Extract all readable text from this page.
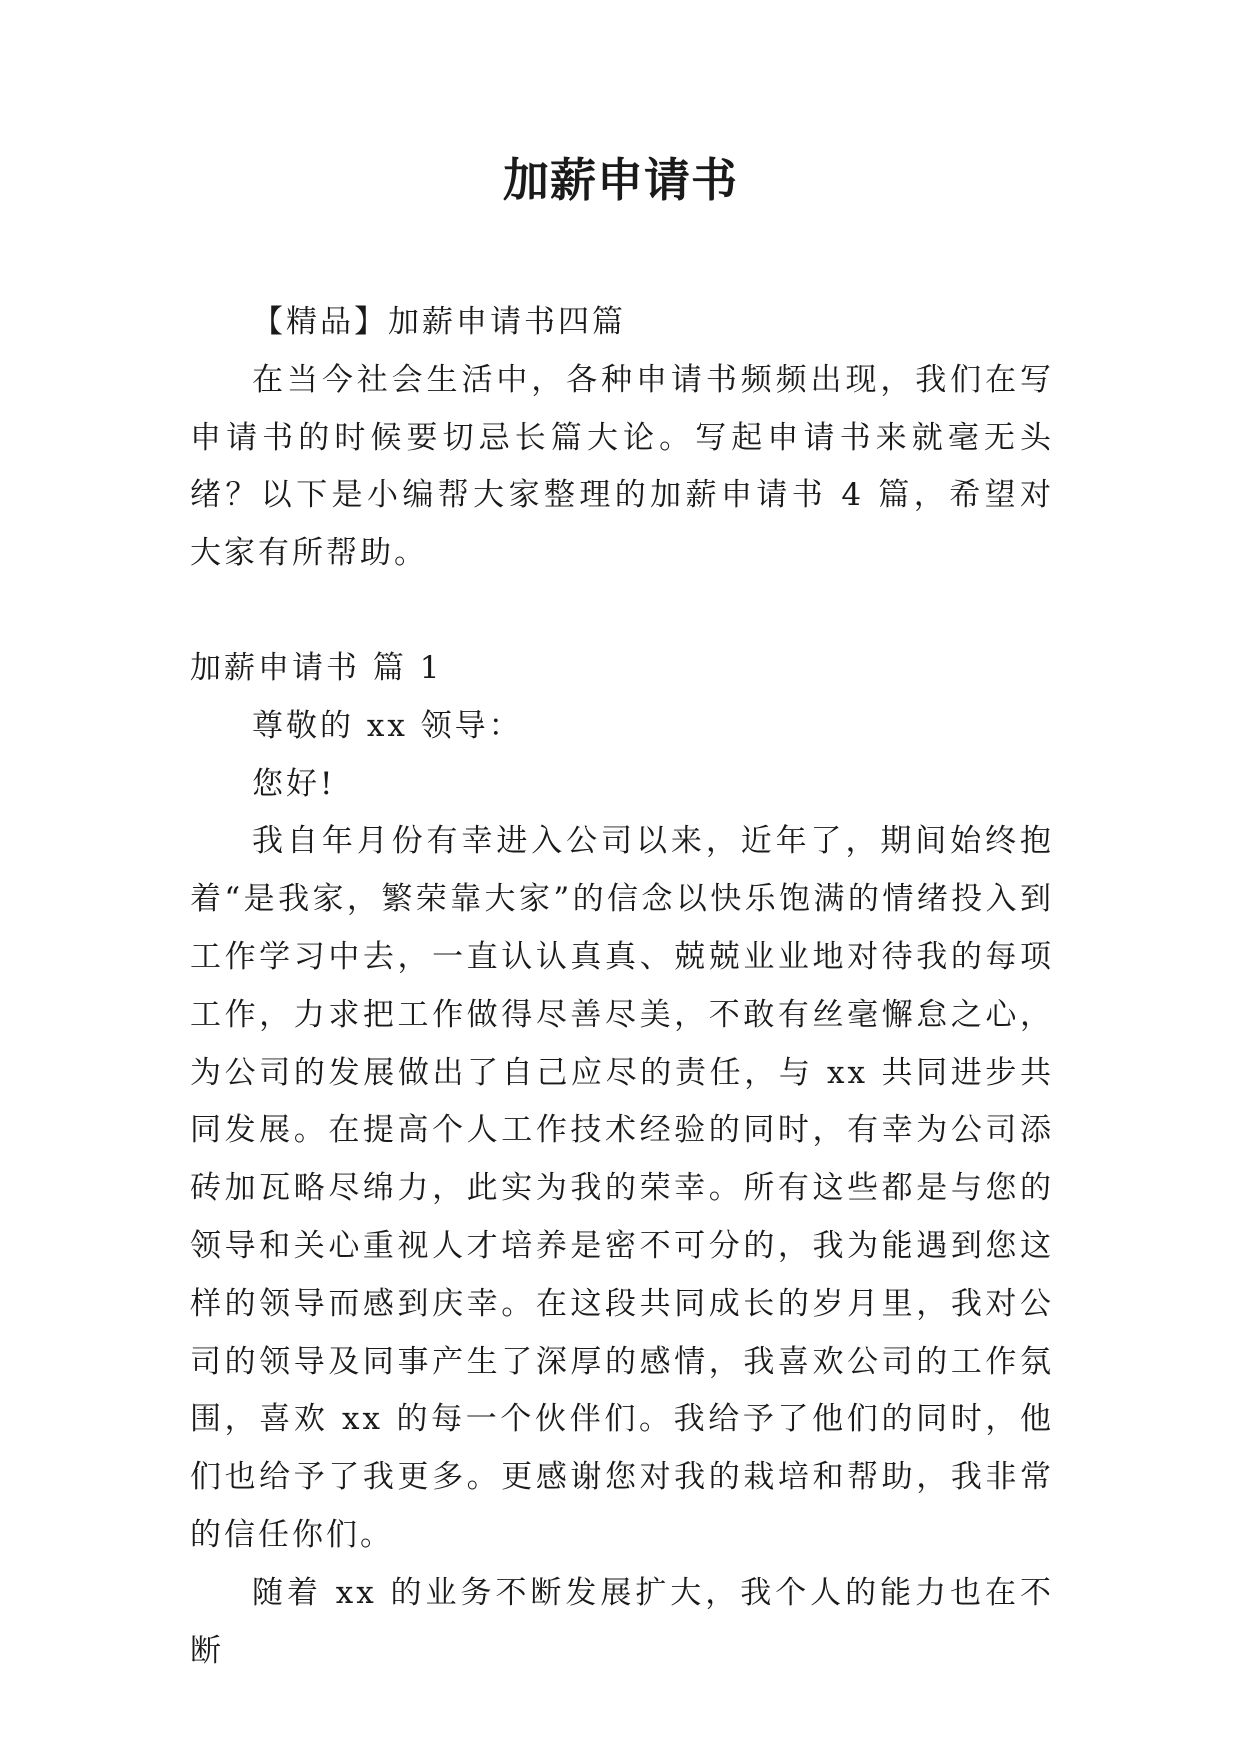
加薪申请书

【精品】加薪申请书四篇

在当今社会生活中，各种申请书频频出现，我们在写申请书的时候要切忌长篇大论。写起申请书来就毫无头绪？以下是小编帮大家整理的加薪申请书 4 篇，希望对大家有所帮助。

加薪申请书 篇 1

尊敬的 xx 领导：

您好!

我自年月份有幸进入公司以来，近年了，期间始终抱着“是我家，繁荣靠大家”的信念以快乐饱满的情绪投入到工作学习中去，一直认认真真、兢兢业业地对待我的每项工作，力求把工作做得尽善尽美，不敢有丝毫懈怠之心，为公司的发展做出了自己应尽的责任，与 xx 共同进步共同发展。在提高个人工作技术经验的同时，有幸为公司添砖加瓦略尽绵力，此实为我的荣幸。所有这些都是与您的领导和关心重视人才培养是密不可分的，我为能遇到您这样的领导而感到庆幸。在这段共同成长的岁月里，我对公司的领导及同事产生了深厚的感情，我喜欢公司的工作氛围，喜欢 xx 的每一个伙伴们。我给予了他们的同时，他们也给予了我更多。更感谢您对我的栽培和帮助，我非常的信任你们。

随着 xx 的业务不断发展扩大，我个人的能力也在不断
